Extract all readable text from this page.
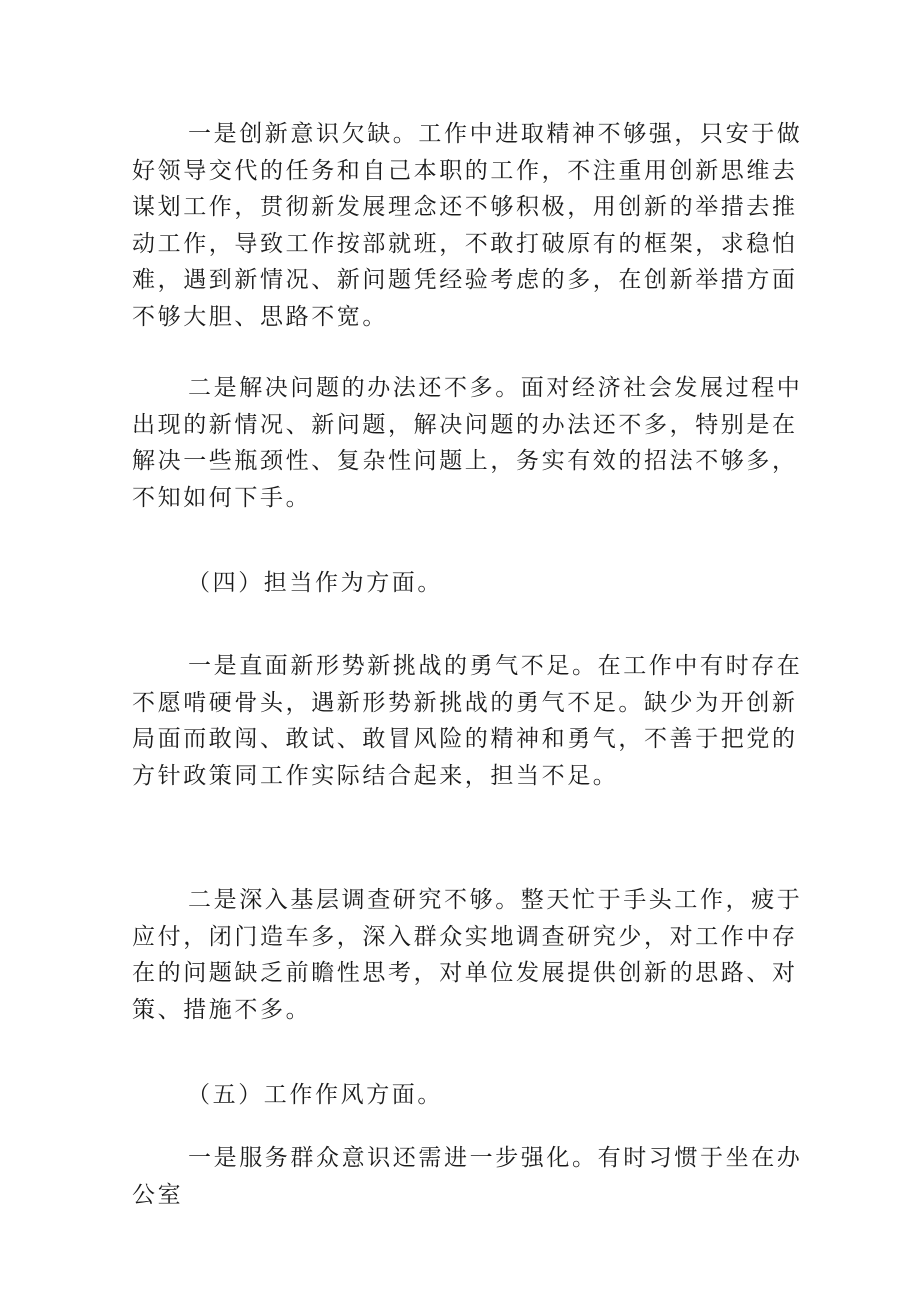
一是创新意识欠缺。工作中进取精神不够强，只安于做好领导交代的任务和自己本职的工作，不注重用创新思维去谋划工作，贯彻新发展理念还不够积极，用创新的举措去推动工作，导致工作按部就班，不敢打破原有的框架，求稳怕难，遇到新情况、新问题凭经验考虑的多，在创新举措方面不够大胆、思路不宽。

二是解决问题的办法还不多。面对经济社会发展过程中出现的新情况、新问题，解决问题的办法还不多，特别是在解决一些瓶颈性、复杂性问题上，务实有效的招法不够多，不知如何下手。

（四）担当作为方面。

一是直面新形势新挑战的勇气不足。在工作中有时存在不愿啃硬骨头，遇新形势新挑战的勇气不足。缺少为开创新局面而敢闯、敢试、敢冒风险的精神和勇气，不善于把党的方针政策同工作实际结合起来，担当不足。

二是深入基层调查研究不够。整天忙于手头工作，疲于应付，闭门造车多，深入群众实地调查研究少，对工作中存在的问题缺乏前瞻性思考，对单位发展提供创新的思路、对策、措施不多。

（五）工作作风方面。

一是服务群众意识还需进一步强化。有时习惯于坐在办公室
